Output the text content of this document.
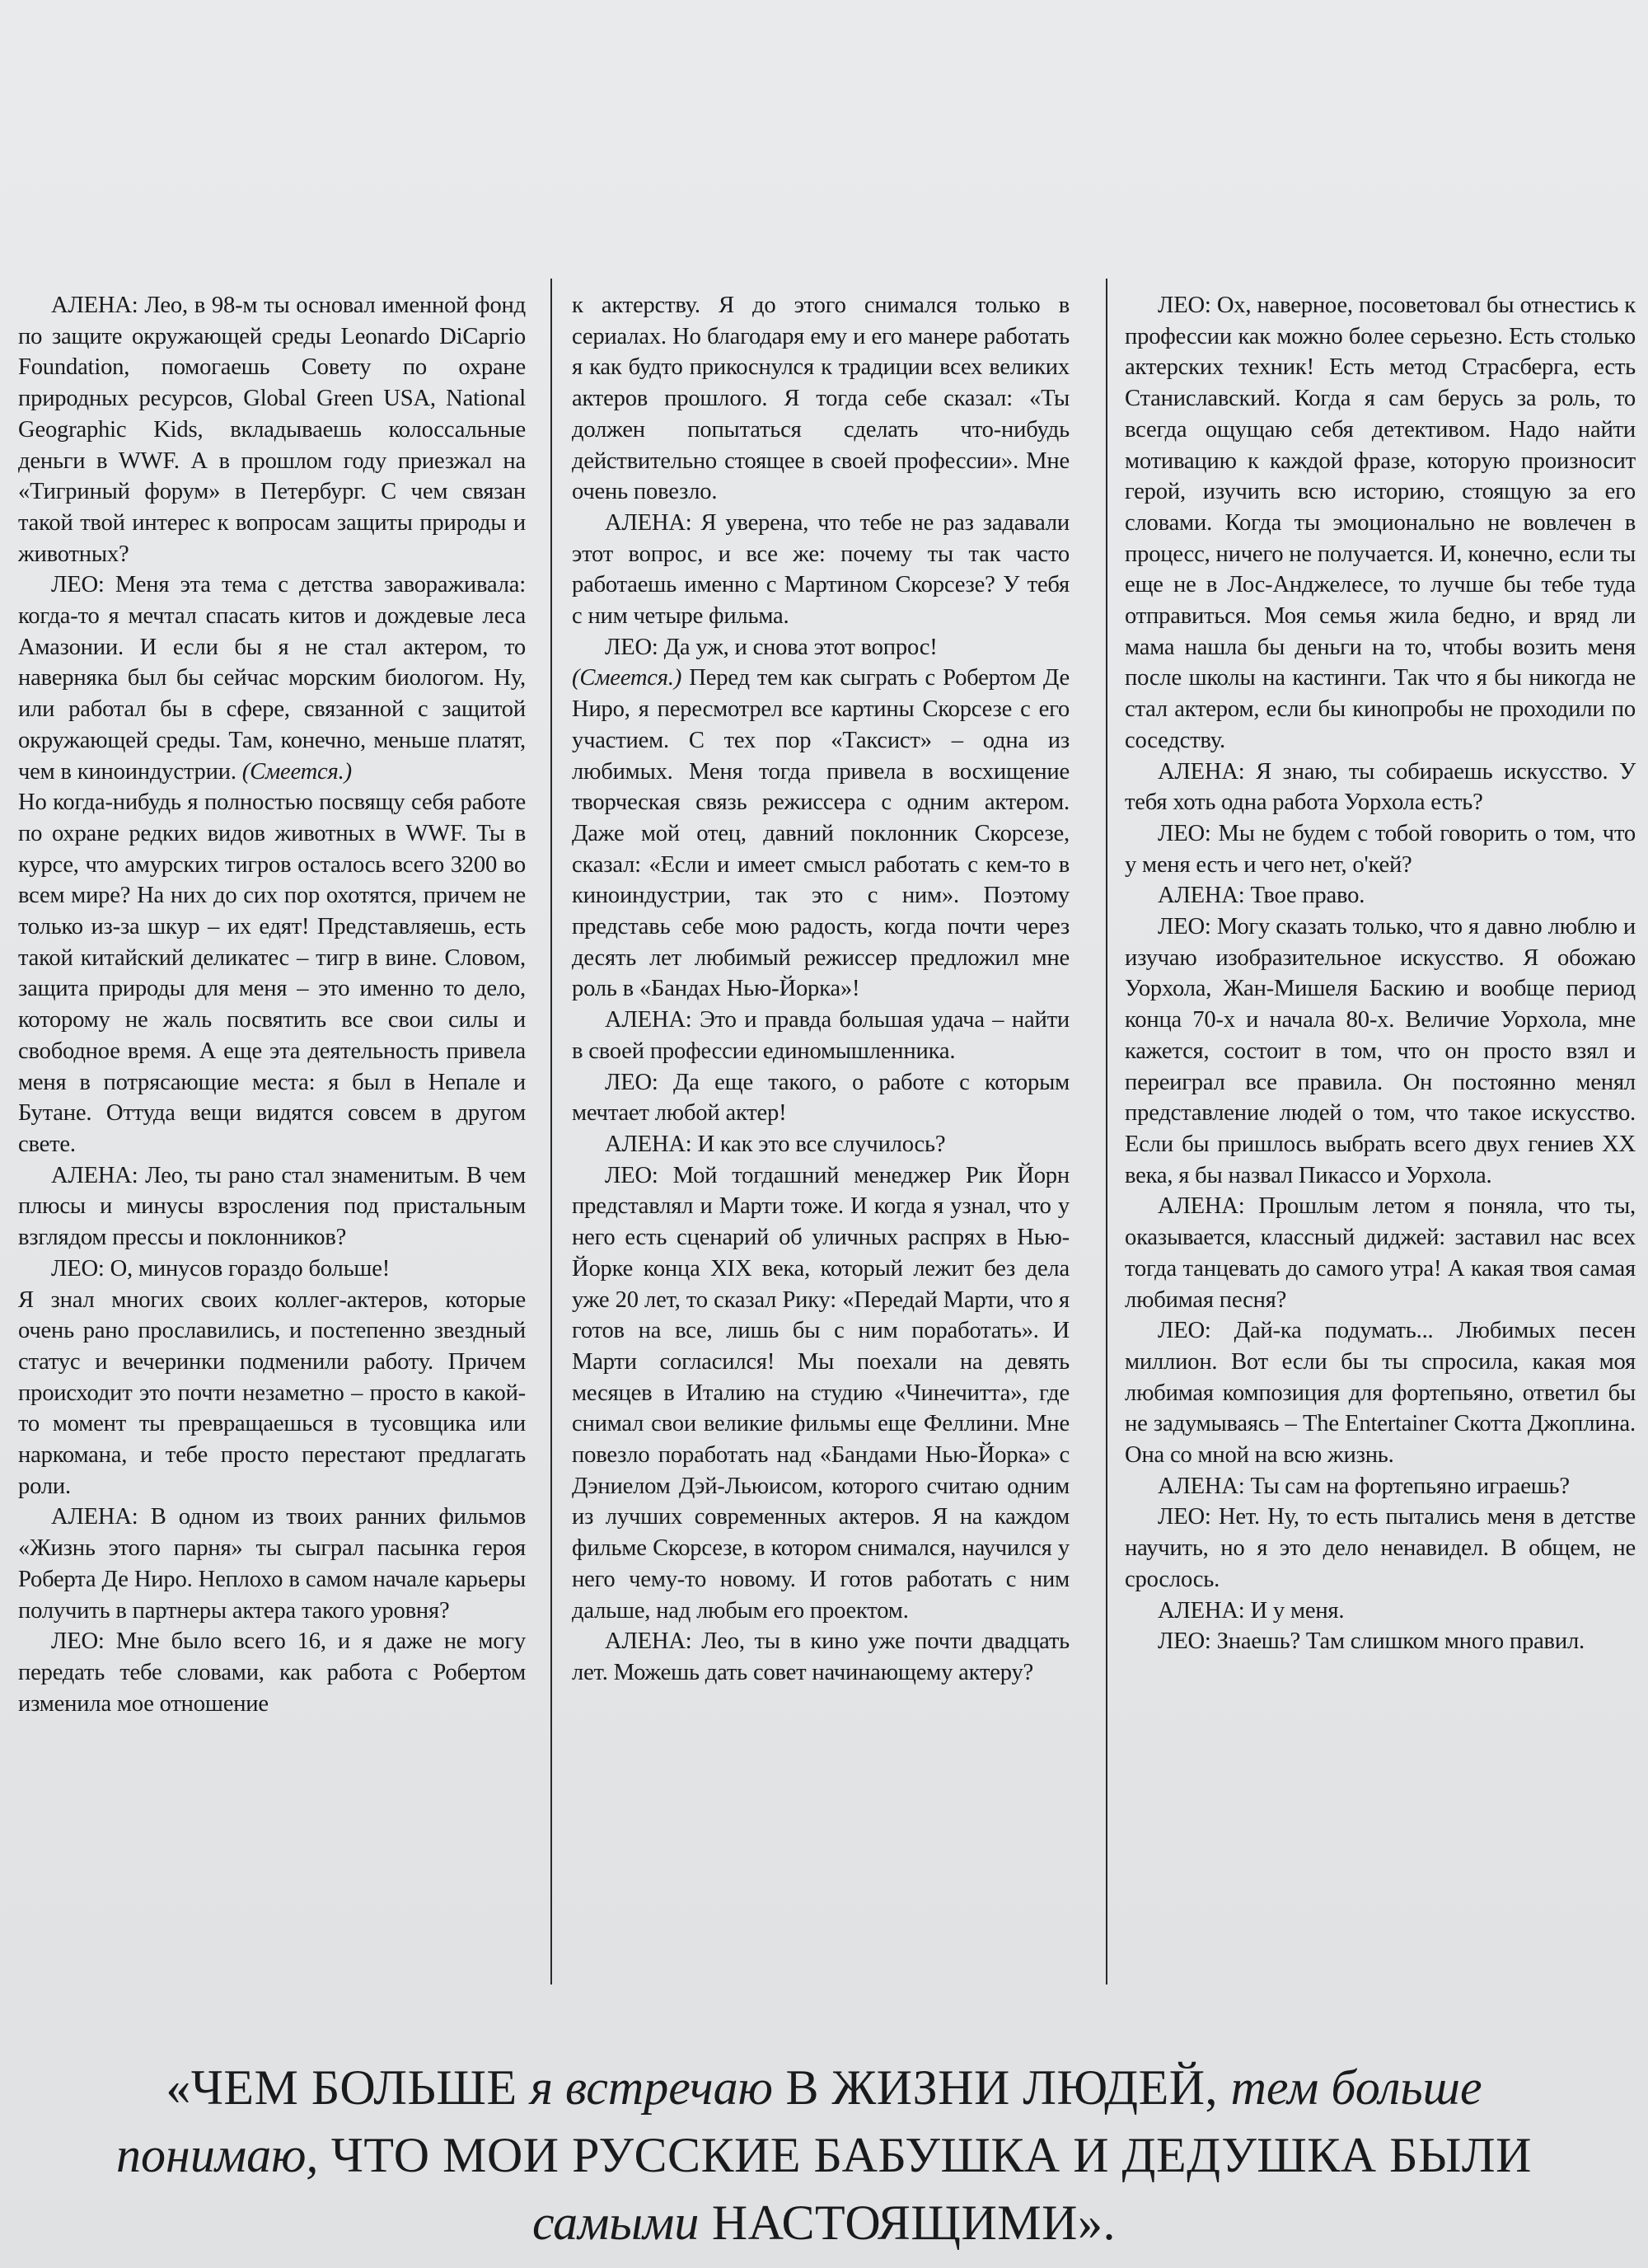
АЛЕНА: Лео, в 98-м ты основал именной фонд по защите окружающей среды Leonardo DiCaprio Foundation, помогаешь Совету по охране природных ресурсов, Global Green USA, National Geographic Kids, вкладываешь колоссальные деньги в WWF. А в прошлом году приезжал на «Тигриный форум» в Петербург. С чем связан такой твой интерес к вопросам защиты природы и животных?

ЛЕО: Меня эта тема с детства завораживала: когда-то я мечтал спасать китов и дождевые леса Амазонии. И если бы я не стал актером, то наверняка был бы сейчас морским биологом. Ну, или работал бы в сфере, связанной с защитой окружающей среды. Там, конечно, меньше платят, чем в киноиндустрии. (Смеется.)

Но когда-нибудь я полностью посвящу себя работе по охране редких видов животных в WWF. Ты в курсе, что амурских тигров осталось всего 3200 во всем мире? На них до сих пор охотятся, причем не только из-за шкур – их едят! Представляешь, есть такой китайский деликатес – тигр в вине. Словом, защита природы для меня – это именно то дело, которому не жаль посвятить все свои силы и свободное время. А еще эта деятельность привела меня в потрясающие места: я был в Непале и Бутане. Оттуда вещи видятся совсем в другом свете.

АЛЕНА: Лео, ты рано стал знаменитым. В чем плюсы и минусы взросления под пристальным взглядом прессы и поклонников?

ЛЕО: О, минусов гораздо больше!

Я знал многих своих коллег-актеров, которые очень рано прославились, и постепенно звездный статус и вечеринки подменили работу. Причем происходит это почти незаметно – просто в какой-то момент ты превращаешься в тусовщика или наркомана, и тебе просто перестают предлагать роли.

АЛЕНА: В одном из твоих ранних фильмов «Жизнь этого парня» ты сыграл пасынка героя Роберта Де Ниро. Неплохо в самом начале карьеры получить в партнеры актера такого уровня?

ЛЕО: Мне было всего 16, и я даже не могу передать тебе словами, как работа с Робертом изменила мое отношение

к актерству. Я до этого снимался только в сериалах. Но благодаря ему и его манере работать я как будто прикоснулся к традиции всех великих актеров прошлого. Я тогда себе сказал: «Ты должен попытаться сделать что-нибудь действительно стоящее в своей профессии». Мне очень повезло.

АЛЕНА: Я уверена, что тебе не раз задавали этот вопрос, и все же: почему ты так часто работаешь именно с Мартином Скорсезе? У тебя с ним четыре фильма.

ЛЕО: Да уж, и снова этот вопрос!

(Смеется.) Перед тем как сыграть с Робертом Де Ниро, я пересмотрел все картины Скорсезе с его участием. С тех пор «Таксист» – одна из любимых. Меня тогда привела в восхищение творческая связь режиссера с одним актером. Даже мой отец, давний поклонник Скорсезе, сказал: «Если и имеет смысл работать с кем-то в киноиндустрии, так это с ним». Поэтому представь себе мою радость, когда почти через десять лет любимый режиссер предложил мне роль в «Бандах Нью-Йорка»!

АЛЕНА: Это и правда большая удача – найти в своей профессии единомышленника.

ЛЕО: Да еще такого, о работе с которым мечтает любой актер!

АЛЕНА: И как это все случилось?

ЛЕО: Мой тогдашний менеджер Рик Йорн представлял и Марти тоже. И когда я узнал, что у него есть сценарий об уличных распрях в Нью-Йорке конца XIX века, который лежит без дела уже 20 лет, то сказал Рику: «Передай Марти, что я готов на все, лишь бы с ним поработать». И Марти согласился! Мы поехали на девять месяцев в Италию на студию «Чинечитта», где снимал свои великие фильмы еще Феллини. Мне повезло поработать над «Бандами Нью-Йорка» с Дэниелом Дэй-Льюисом, которого считаю одним из лучших современных актеров. Я на каждом фильме Скорсезе, в котором снимался, научился у него чему-то новому. И готов работать с ним дальше, над любым его проектом.

АЛЕНА: Лео, ты в кино уже почти двадцать лет. Можешь дать совет начинающему актеру?

ЛЕО: Ох, наверное, посоветовал бы отнестись к профессии как можно более серьезно. Есть столько актерских техник! Есть метод Страсберга, есть Станиславский. Когда я сам берусь за роль, то всегда ощущаю себя детективом. Надо найти мотивацию к каждой фразе, которую произносит герой, изучить всю историю, стоящую за его словами. Когда ты эмоционально не вовлечен в процесс, ничего не получается. И, конечно, если ты еще не в Лос-Анджелесе, то лучше бы тебе туда отправиться. Моя семья жила бедно, и вряд ли мама нашла бы деньги на то, чтобы возить меня после школы на кастинги. Так что я бы никогда не стал актером, если бы кинопробы не проходили по соседству.

АЛЕНА: Я знаю, ты собираешь искусство. У тебя хоть одна работа Уорхола есть?

ЛЕО: Мы не будем с тобой говорить о том, что у меня есть и чего нет, о'кей?

АЛЕНА: Твое право.

ЛЕО: Могу сказать только, что я давно люблю и изучаю изобразительное искусство. Я обожаю Уорхола, Жан-Мишеля Баскию и вообще период конца 70-х и начала 80-х. Величие Уорхола, мне кажется, состоит в том, что он просто взял и переиграл все правила. Он постоянно менял представление людей о том, что такое искусство. Если бы пришлось выбрать всего двух гениев XX века, я бы назвал Пикассо и Уорхола.

АЛЕНА: Прошлым летом я поняла, что ты, оказывается, классный диджей: заставил нас всех тогда танцевать до самого утра! А какая твоя самая любимая песня?

ЛЕО: Дай-ка подумать... Любимых песен миллион. Вот если бы ты спросила, какая моя любимая композиция для фортепьяно, ответил бы не задумываясь – The Entertainer Скотта Джоплина. Она со мной на всю жизнь.

АЛЕНА: Ты сам на фортепьяно играешь?

ЛЕО: Нет. Ну, то есть пытались меня в детстве научить, но я это дело ненавидел. В общем, не срослось.

АЛЕНА: И у меня.

ЛЕО: Знаешь? Там слишком много правил.

«ЧЕМ БОЛЬШЕ я встречаю В ЖИЗНИ ЛЮДЕЙ, тем больше
понимаю, ЧТО МОИ РУССКИЕ БАБУШКА И ДЕДУШКА БЫЛИ
самыми НАСТОЯЩИМИ».
